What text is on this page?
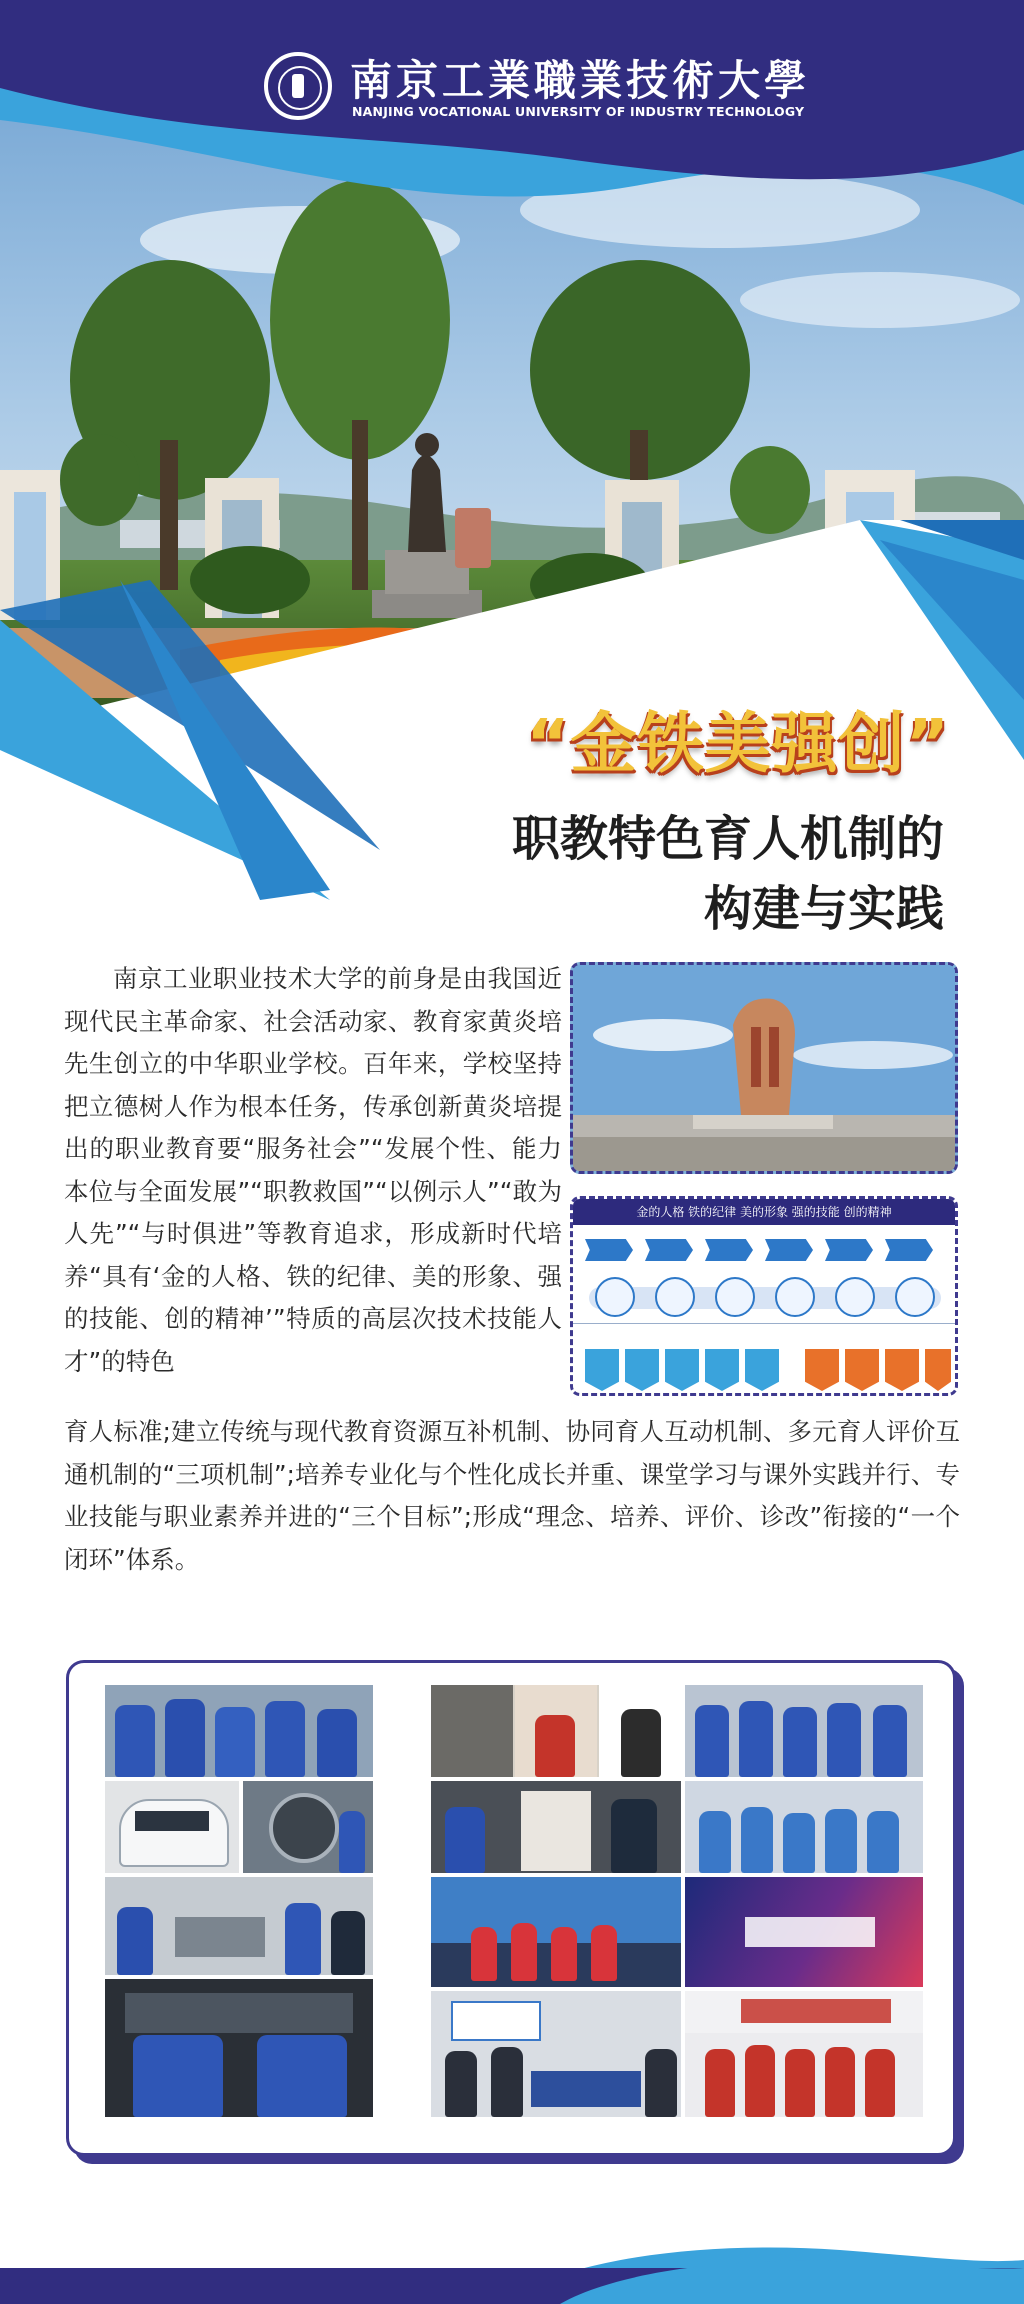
南京工業職業技術大學
NANJING VOCATIONAL UNIVERSITY OF INDUSTRY TECHNOLOGY
“金铁美强创”
职教特色育人机制的
构建与实践
南京工业职业技术大学的前身是由我国近现代民主革命家、社会活动家、教育家黄炎培先生创立的中华职业学校。百年来，学校坚持把立德树人作为根本任务，传承创新黄炎培提出的职业教育要“服务社会”“发展个性、能力本位与全面发展”“职教救国”“以例示人”“敢为人先”“与时俱进”等教育追求，形成新时代培养“具有‘金的人格、铁的纪律、美的形象、强的技能、创的精神’”特质的高层次技术技能人才”的特色
育人标准;建立传统与现代教育资源互补机制、协同育人互动机制、多元育人评价互通机制的“三项机制”;培养专业化与个性化成长并重、课堂学习与课外实践并行、专业技能与职业素养并进的“三个目标”;形成“理念、培养、评价、诊改”衔接的“一个闭环”体系。
金的人格 铁的纪律 美的形象 强的技能 创的精神
